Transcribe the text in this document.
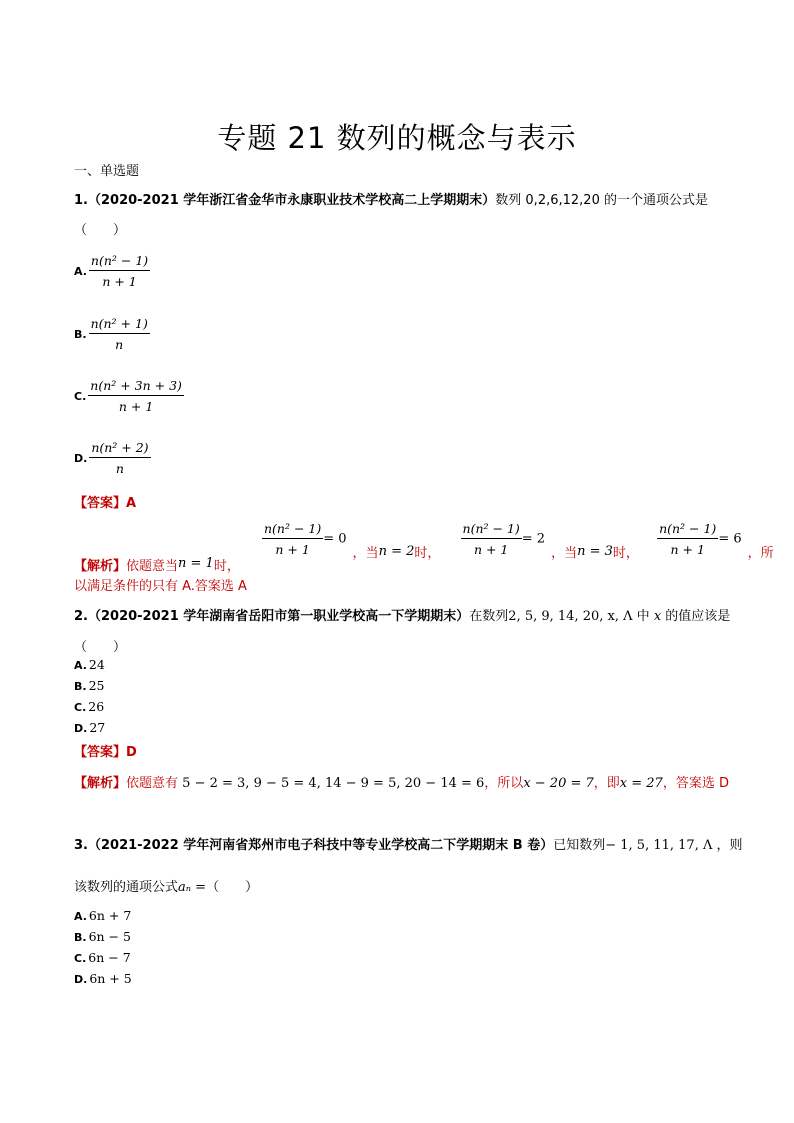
专题 21 数列的概念与表示
一、单选题
1.（2020-2021 学年浙江省金华市永康职业技术学校高二上学期期末）数列 0,2,6,12,20 的一个通项公式是
（　　）
A. $\frac{\text{n(n² − 1)}}{n + 1}$
B. $\frac{\text{n(n² + 1)}}{n}$
C. $\frac{\text{n(n² + 3n + 3)}}{n + 1}$
D. $\frac{\text{n(n² + 2)}}{n}$
【答案】A
【解析】依题意当n = 1时，
$\frac{\text{n(n² − 1)}}{n + 1} = 0$，当n = 2时， $\frac{\text{n(n² − 1)}}{n + 1} = 2$，当n = 3时， $\frac{\text{n(n² − 1)}}{n + 1} = 6$，所
以满足条件的只有 A.答案选 A
2.（2020-2021 学年湖南省岳阳市第一职业学校高一下学期期末）在数列2, 5, 9, 14, 20, x, Λ 中 x 的值应该是
（　　）
A. 24
B. 25
C. 26
D. 27
【答案】D
【解析】依题意有 5 − 2 = 3, 9 − 5 = 4, 14 − 9 = 5, 20 − 14 = 6，所以x − 20 = 7，即x = 27，答案选 D
3.（2021-2022 学年河南省郑州市电子科技中等专业学校高二下学期期末 B 卷）已知数列− 1, 5, 11, 17, Λ ，则
该数列的通项公式aₙ =（　　）
A. 6n + 7
B. 6n − 5
C. 6n − 7
D. 6n + 5
